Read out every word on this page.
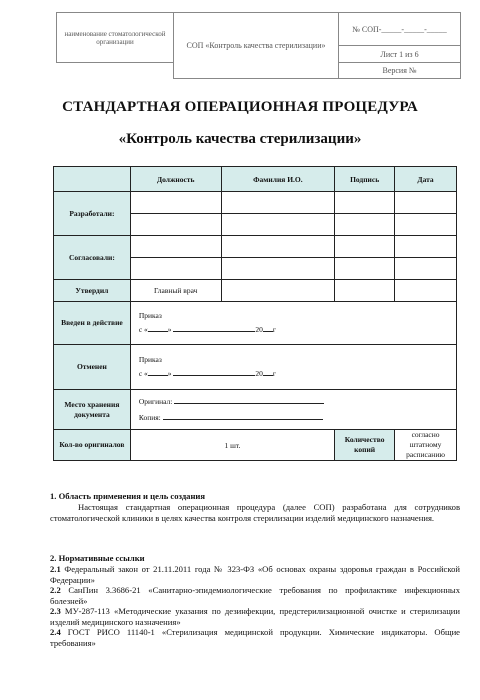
наименование стоматологической организации	СОП «Контроль качества стерилизации»	№ СОП-_____-_____-_____
		Лист 1 из 6
		Версия №
СТАНДАРТНАЯ ОПЕРАЦИОННАЯ ПРОЦЕДУРА
«Контроль качества стерилизации»
	Должность	Фамилия И.О.	Подпись	Дата
Разработали:				

Согласовали:				

Утвердил	Главный врач			
Введен в действие	Приказ
с « » 20 г			

Отменен	Приказ
с « » 20 г			

Место хранения документа	Оригинал:
Копия:			

Кол-во оригиналов	1 шт.		Количество копий	согласно штатному расписанию
1. Область применения и цель создания
Настоящая стандартная операционная процедура (далее СОП) разработана для сотрудников стоматологической клиники в целях качества контроля стерилизации изделий медицинского назначения.
2. Нормативные ссылки
2.1 Федеральный закон от 21.11.2011 года № 323-ФЗ «Об основах охраны здоровья граждан в Российской Федерации»
2.2 СанПин 3.3686-21 «Санитарно-эпидемиологические требования по профилактике инфекционных болезней»
2.3 МУ-287-113 «Методические указания по дезинфекции, предстерилизационной очистке и стерилизации изделий медицинского назначения»
2.4 ГОСТ РИСО 11140-1 «Стерилизация медицинской продукции. Химические индикаторы. Общие требования»
